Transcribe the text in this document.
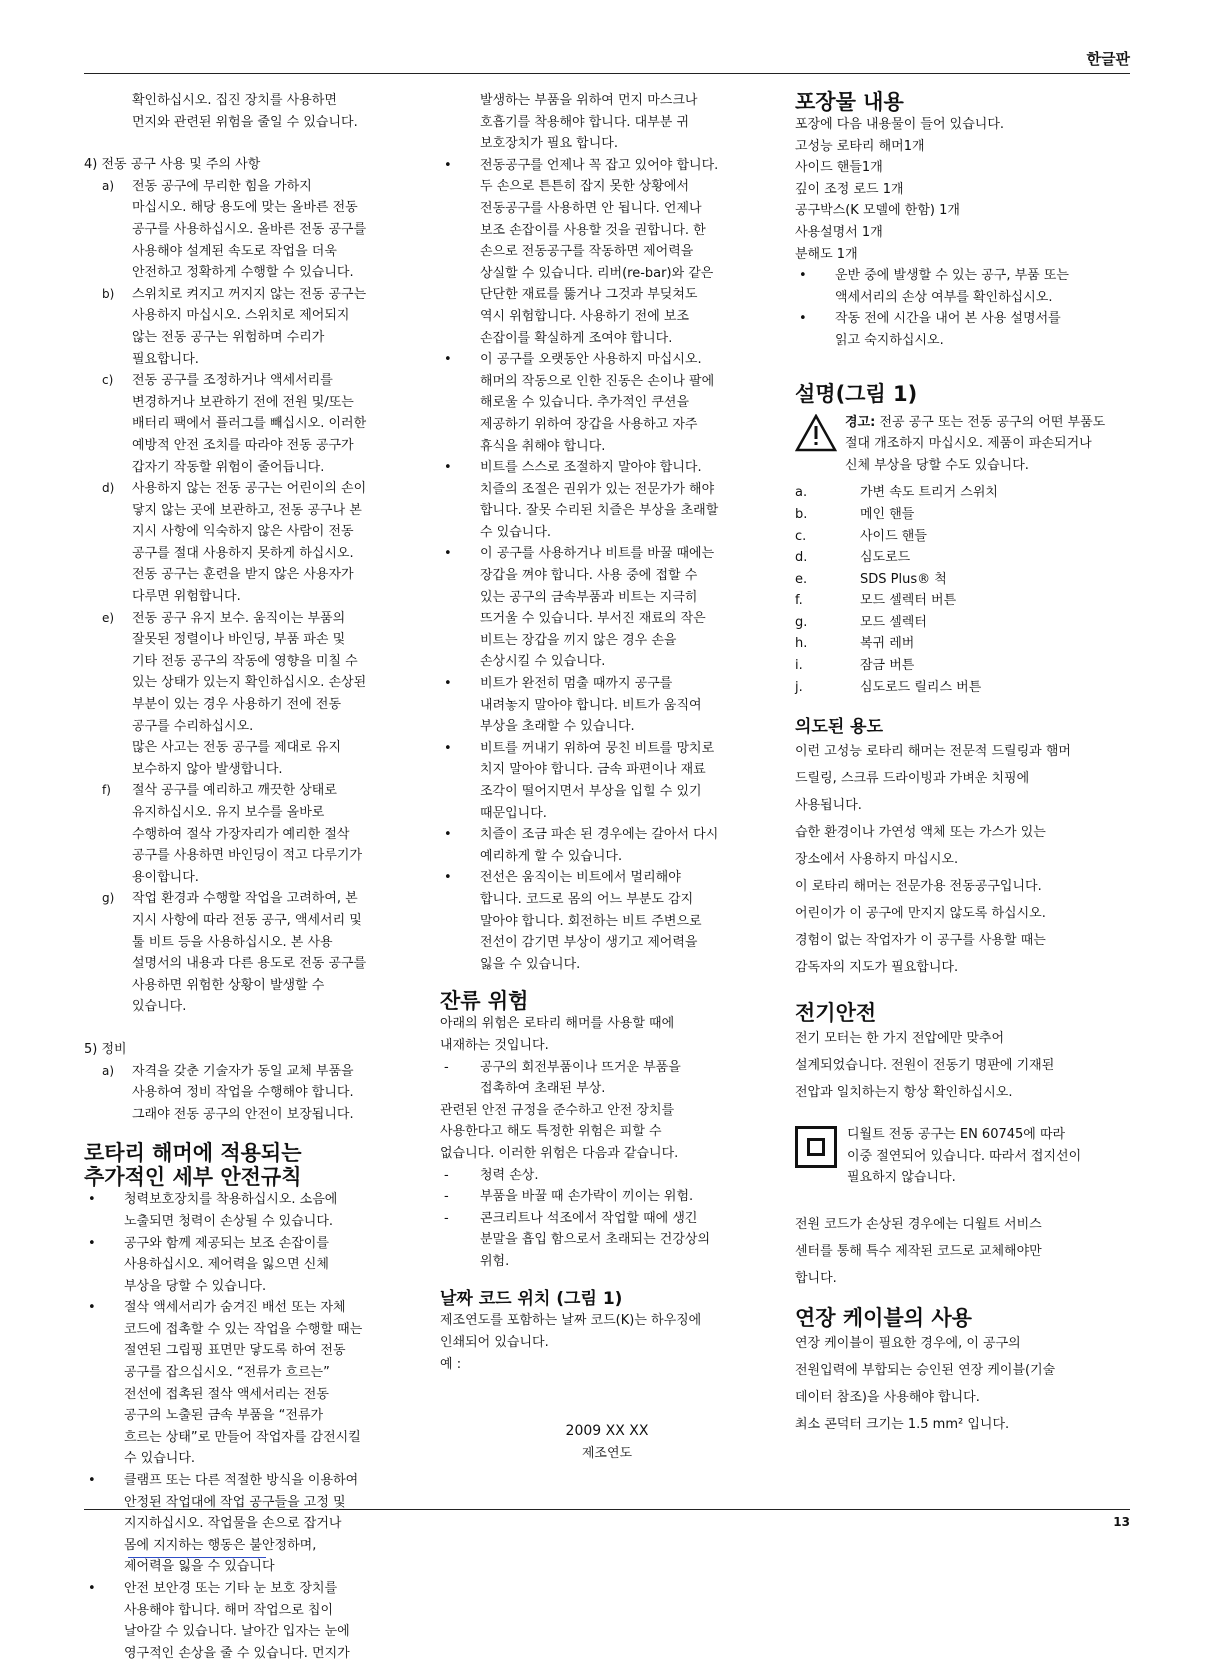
한글판
13
확인하십시오. 집진 장치를 사용하면
먼지와 관련된 위험을 줄일 수 있습니다.
4) 전동 공구 사용 및 주의 사항
a)	전동 공구에 무리한 힘을 가하지
마십시오. 해당 용도에 맞는 올바른 전동
공구를 사용하십시오. 올바른 전동 공구를
사용해야 설계된 속도로 작업을 더욱
안전하고 정확하게 수행할 수 있습니다.
b)	스위치로 켜지고 꺼지지 않는 전동 공구는
사용하지 마십시오. 스위치로 제어되지
않는 전동 공구는 위험하며 수리가
필요합니다.
c)	전동 공구를 조정하거나 액세서리를
변경하거나 보관하기 전에 전원 및/또는
배터리 팩에서 플러그를 빼십시오. 이러한
예방적 안전 조치를 따라야 전동 공구가
갑자기 작동할 위험이 줄어듭니다.
d)	사용하지 않는 전동 공구는 어린이의 손이
닿지 않는 곳에 보관하고, 전동 공구나 본
지시 사항에 익숙하지 않은 사람이 전동
공구를 절대 사용하지 못하게 하십시오.
전동 공구는 훈련을 받지 않은 사용자가
다루면 위험합니다.
e)	전동 공구 유지 보수. 움직이는 부품의
잘못된 정렬이나 바인딩, 부품 파손 및
기타 전동 공구의 작동에 영향을 미칠 수
있는 상태가 있는지 확인하십시오. 손상된
부분이 있는 경우 사용하기 전에 전동
공구를 수리하십시오.
많은 사고는 전동 공구를 제대로 유지
보수하지 않아 발생합니다.
f)	절삭 공구를 예리하고 깨끗한 상태로
유지하십시오. 유지 보수를 올바로
수행하여 절삭 가장자리가 예리한 절삭
공구를 사용하면 바인딩이 적고 다루기가
용이합니다.
g)	작업 환경과 수행할 작업을 고려하여, 본
지시 사항에 따라 전동 공구, 액세서리 및
툴 비트 등을 사용하십시오. 본 사용
설명서의 내용과 다른 용도로 전동 공구를
사용하면 위험한 상황이 발생할 수
있습니다.
5) 정비
a)	자격을 갖춘 기술자가 동일 교체 부품을
사용하여 정비 작업을 수행해야 합니다.
그래야 전동 공구의 안전이 보장됩니다.
로타리 해머에 적용되는
추가적인 세부 안전규칙
•	청력보호장치를 착용하십시오. 소음에
노출되면 청력이 손상될 수 있습니다.
•	공구와 함께 제공되는 보조 손잡이를
사용하십시오. 제어력을 잃으면 신체
부상을 당할 수 있습니다.
•	절삭 액세서리가 숨겨진 배선 또는 자체
코드에 접촉할 수 있는 작업을 수행할 때는
절연된 그립핑 표면만 닿도록 하여 전동
공구를 잡으십시오. “전류가 흐르는”
전선에 접촉된 절삭 액세서리는 전동
공구의 노출된 금속 부품을 “전류가
흐르는 상태”로 만들어 작업자를 감전시킬
수 있습니다.
•	클램프 또는 다른 적절한 방식을 이용하여
안정된 작업대에 작업 공구들을 고정 및
지지하십시오. 작업물을 손으로 잡거나
몸에 지지하는 행동은 불안정하며,
제어력을 잃을 수 있습니다
•	안전 보안경 또는 기타 눈 보호 장치를
사용해야 합니다. 해머 작업으로 칩이
날아갈 수 있습니다. 날아간 입자는 눈에
영구적인 손상을 줄 수 있습니다. 먼지가
발생하는 부품을 위하여 먼지 마스크나
호흡기를 착용해야 합니다. 대부분 귀
보호장치가 필요 합니다.
•	전동공구를 언제나 꼭 잡고 있어야 합니다.
두 손으로 튼튼히 잡지 못한 상황에서
전동공구를 사용하면 안 됩니다. 언제나
보조 손잡이를 사용할 것을 권합니다. 한
손으로 전동공구를 작동하면 제어력을
상실할 수 있습니다. 리버(re-bar)와 같은
단단한 재료를 뚫거나 그것과 부딪쳐도
역시 위험합니다. 사용하기 전에 보조
손잡이를 확실하게 조여야 합니다.
•	이 공구를 오랫동안 사용하지 마십시오.
해머의 작동으로 인한 진동은 손이나 팔에
해로울 수 있습니다. 추가적인 쿠션을
제공하기 위하여 장갑을 사용하고 자주
휴식을 취해야 합니다.
•	비트를 스스로 조절하지 말아야 합니다.
치즐의 조절은 권위가 있는 전문가가 해야
합니다. 잘못 수리된 치즐은 부상을 초래할
수 있습니다.
•	이 공구를 사용하거나 비트를 바꿀 때에는
장갑을 껴야 합니다. 사용 중에 접할 수
있는 공구의 금속부품과 비트는 지극히
뜨거울 수 있습니다. 부서진 재료의 작은
비트는 장갑을 끼지 않은 경우 손을
손상시킬 수 있습니다.
•	비트가 완전히 멈출 때까지 공구를
내려놓지 말아야 합니다. 비트가 움직여
부상을 초래할 수 있습니다.
•	비트를 꺼내기 위하여 뭉친 비트를 망치로
치지 말아야 합니다. 금속 파편이나 재료
조각이 떨어지면서 부상을 입힐 수 있기
때문입니다.
•	치즐이 조금 파손 된 경우에는 갈아서 다시
예리하게 할 수 있습니다.
•	전선은 움직이는 비트에서 멀리해야
합니다. 코드로 몸의 어느 부분도 감지
말아야 합니다. 회전하는 비트 주변으로
전선이 감기면 부상이 생기고 제어력을
잃을 수 있습니다.
잔류 위험
아래의 위험은 로타리 해머를 사용할 때에
내재하는 것입니다.
-	공구의 회전부품이나 뜨거운 부품을
접촉하여 초래된 부상.
관련된 안전 규정을 준수하고 안전 장치를
사용한다고 해도 특정한 위험은 피할 수
없습니다. 이러한 위험은 다음과 같습니다.
-	청력 손상.
-	부품을 바꿀 때 손가락이 끼이는 위험.
-	콘크리트나 석조에서 작업할 때에 생긴
분말을 흡입 함으로서 초래되는 건강상의
위험.
날짜 코드 위치 (그림 1)
제조연도를 포함하는 날짜 코드(K)는 하우징에
인쇄되어 있습니다.
예 :
2009 XX XX
제조연도
포장물 내용
포장에 다음 내용물이 들어 있습니다.
고성능 로타리 해머1개
사이드 핸들1개
깊이 조정 로드 1개
공구박스(K 모델에 한함) 1개
사용설명서 1개
분해도 1개
•	운반 중에 발생할 수 있는 공구, 부품 또는
액세서리의 손상 여부를 확인하십시오.
•	작동 전에 시간을 내어 본 사용 설명서를
읽고 숙지하십시오.
설명(그림 1)
경고: 전공 공구 또는 전동 공구의 어떤 부품도
절대 개조하지 마십시오. 제품이 파손되거나
신체 부상을 당할 수도 있습니다.
a.	가변 속도 트리거 스위치
b.	메인 핸들
c.	사이드 핸들
d.	심도로드
e.	SDS Plus® 척
f.	모드 셀렉터 버튼
g.	모드 셀렉터
h.	복귀 레버
i.	잠금 버튼
j.	심도로드 릴리스 버튼
의도된 용도
이런 고성능 로타리 해머는 전문적 드릴링과 햄머
드릴링, 스크류 드라이빙과 가벼운 치핑에
사용됩니다.
습한 환경이나 가연성 액체 또는 가스가 있는
장소에서 사용하지 마십시오.
이 로타리 해머는 전문가용 전동공구입니다.
어린이가 이 공구에 만지지 않도록 하십시오.
경험이 없는 작업자가 이 공구를 사용할 때는
감독자의 지도가 필요합니다.
전기안전
전기 모터는 한 가지 전압에만 맞추어
설계되었습니다. 전원이 전동기 명판에 기재된
전압과 일치하는지 항상 확인하십시오.
디월트 전동 공구는 EN 60745에 따라
이중 절연되어 있습니다. 따라서 접지선이
필요하지 않습니다.
전원 코드가 손상된 경우에는 디월트 서비스
센터를 통해 특수 제작된 코드로 교체해야만
합니다.
연장 케이블의 사용
연장 케이블이 필요한 경우에, 이 공구의
전원입력에 부합되는 승인된 연장 케이블(기술
데이터 참조)을 사용해야 합니다.
최소 콘덕터 크기는 1.5 mm² 입니다.
